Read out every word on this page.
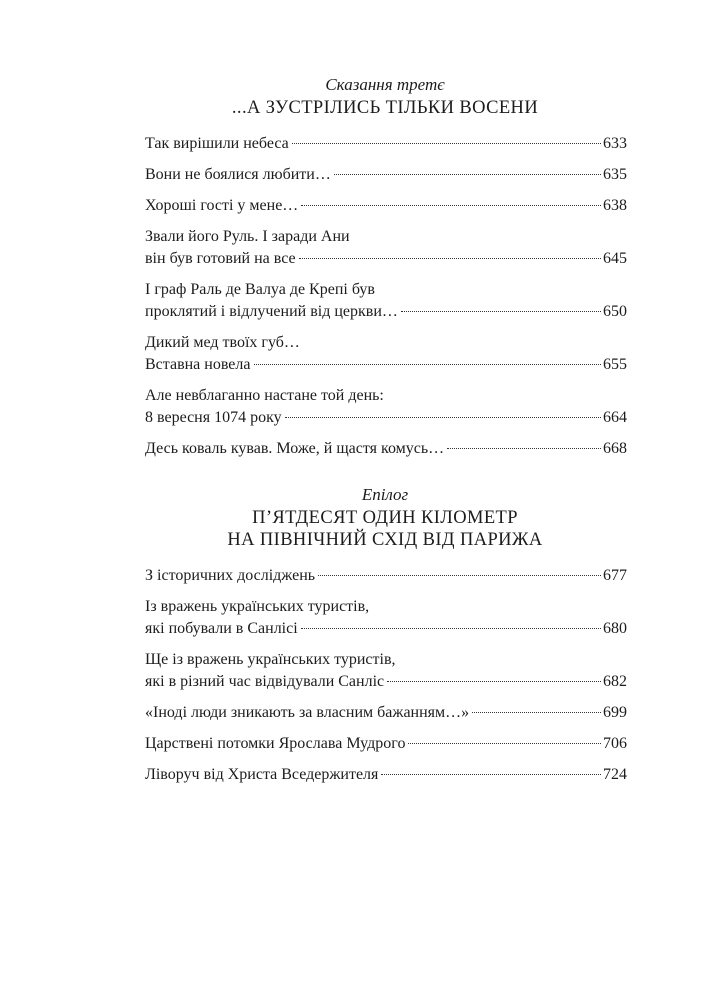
Сказання третє
...А ЗУСТРІЛИСЬ ТІЛЬКИ ВОСЕНИ
Так вирішили небеса	633
Вони не боялися любити…	635
Хороші гості у мене…	638
Звали його Руль. І заради Ани
він був готовий на все	645
І граф Раль де Валуа де Крепі був
проклятий і відлучений від церкви…	650
Дикий мед твоїх губ…
Вставна новела	655
Але невблаганно настане той день:
8 вересня 1074 року	664
Десь коваль кував. Може, й щастя комусь…	668
Епілог
П’ЯТДЕСЯТ ОДИН КІЛОМЕТР
НА ПІВНІЧНИЙ СХІД ВІД ПАРИЖА
З історичних досліджень	677
Із вражень українських туристів,
які побували в Санлісі	680
Ще із вражень українських туристів,
які в різний час відвідували Санліс	682
«Іноді люди зникають за власним бажанням…»	699
Царствені потомки Ярослава Мудрого	706
Ліворуч від Христа Вседержителя	724
